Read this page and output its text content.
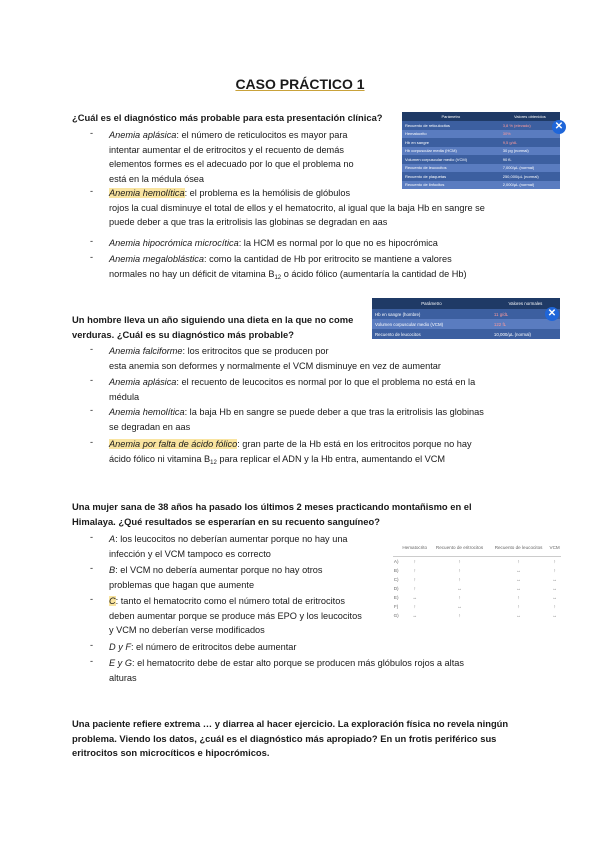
CASO PRÁCTICO 1
¿Cuál es el diagnóstico más probable para esta presentación clínica?	Parámetro	Valores obtenidos
Recuento de reticulocitos	3,8 % (elevado)
Hematocrito	30%
Hb en sangre	9,5 g/dL
Hb corpuscular media (HCM)	30 pg (normal)
Volumen corpuscular medio (VCM)	90 fL
Recuento de leucocitos	7,000/µL (normal)
Recuento de plaquetas	250,000/µL (normal)
Recuento de linfocitos	2,000/µL (normal)
✕
- Anemia aplásica: el número de reticulocitos es mayor para
intentar aumentar el de eritrocitos y el recuento de demás
elementos formes es el adecuado por lo que el problema no
está en la médula ósea
- Anemia hemolítica: el problema es la hemólisis de glóbulos
rojos la cual disminuye el total de ellos y el hematocrito, al igual que la baja Hb en sangre se
puede deber a que tras la eritrolisis las globinas se degradan en aas
- Anemia hipocrómica microcítica: la HCM es normal por lo que no es hipocrómica
- Anemia megaloblástica: como la cantidad de Hb por eritrocito se mantiene a valores
normales no hay un déficit de vitamina $B_{12}$ o ácido fólico (aumentaría la cantidad de Hb)
Parámetro	Valores normales
Hb en sangre (hombre)	11 g/dL
Volumen corpuscular medio (VCM)	122 fL
Recuento de leucocitos	10,000/µL (normal)
✕
Un hombre lleva un año siguiendo una dieta en la que no come
verduras. ¿Cuál es su diagnóstico más probable?
- Anemia falciforme: los eritrocitos que se producen por
esta anemia son deformes y normalmente el VCM disminuye en vez de aumentar
- Anemia aplásica: el recuento de leucocitos es normal por lo que el problema no está en la
médula
- Anemia hemolítica: la baja Hb en sangre se puede deber a que tras la eritrolisis las globinas
se degradan en aas
- Anemia por falta de ácido fólico: gran parte de la Hb está en los eritrocitos porque no hay
ácido fólico ni vitamina $B_{12}$ para replicar el ADN y la Hb entra, aumentando el VCM
Una mujer sana de 38 años ha pasado los últimos 2 meses practicando montañismo en el
Himalaya. ¿Qué resultados se esperarían en su recuento sanguíneo?
	Hematocrito	Recuento de eritrocitos	Recuento de leucocitos	VCM
A)	↑	↑	↑	↑
B)	↑	↑	↔	↑
C)	↑	↑	↔	↔
D)	↑	↔	↔	↔
E)	↔	↑	↑	↔
F)	↑	↔	↑	↑
G)	↔	↑	↔	↔
- A: los leucocitos no deberían aumentar porque no hay una
infección y el VCM tampoco es correcto
- B: el VCM no debería aumentar porque no hay otros
problemas que hagan que aumente
- C: tanto el hematocrito como el número total de eritrocitos
deben aumentar porque se produce más EPO y los leucocitos
y VCM no deberían verse modificados
- D y F: el número de eritrocitos debe aumentar
- E y G: el hematocrito debe de estar alto porque se producen más glóbulos rojos a altas
alturas
Una paciente refiere extrema … y diarrea al hacer ejercicio. La exploración física no revela ningún
problema. Viendo los datos, ¿cuál es el diagnóstico más apropiado? En un frotis periférico sus
eritrocitos son microcíticos e hipocrómicos.
